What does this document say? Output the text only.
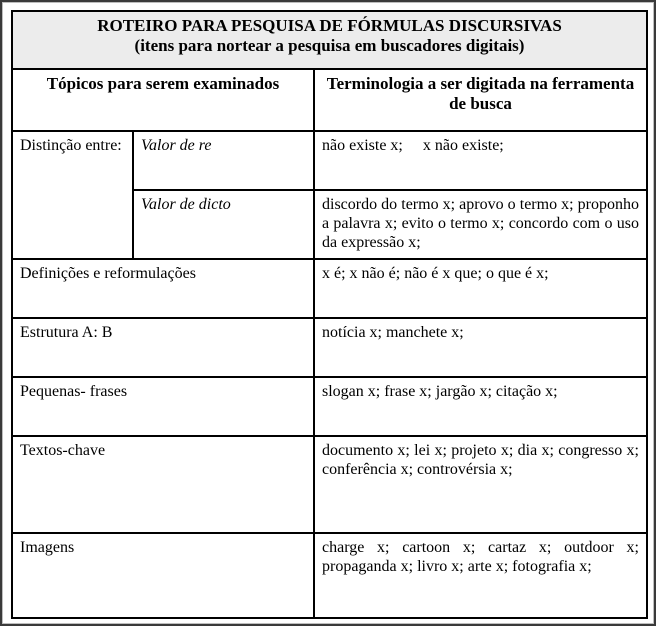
ROTEIRO PARA PESQUISA DE FÓRMULAS DISCURSIVAS
(itens para nortear a pesquisa em buscadores digitais)		

Tópicos para serem examinados		Terminologia a ser digitada na ferramenta de busca
Distinção entre:	Valor de re	não existe x; x não existe;
	Valor de dicto	discordo do termo x; aprovo o termo x; proponho a palavra x; evito o termo x; concordo com o uso da expressão x;
Definições e reformulações		x é; x não é; não é x que; o que é x;
Estrutura A: B		notícia x; manchete x;
Pequenas- frases		slogan x; frase x; jargão x; citação x;
Textos-chave		documento x; lei x; projeto x; dia x; congresso x; conferência x; controvérsia x;
Imagens		charge x; cartoon x; cartaz x; outdoor x; propaganda x; livro x; arte x; fotografia x;
